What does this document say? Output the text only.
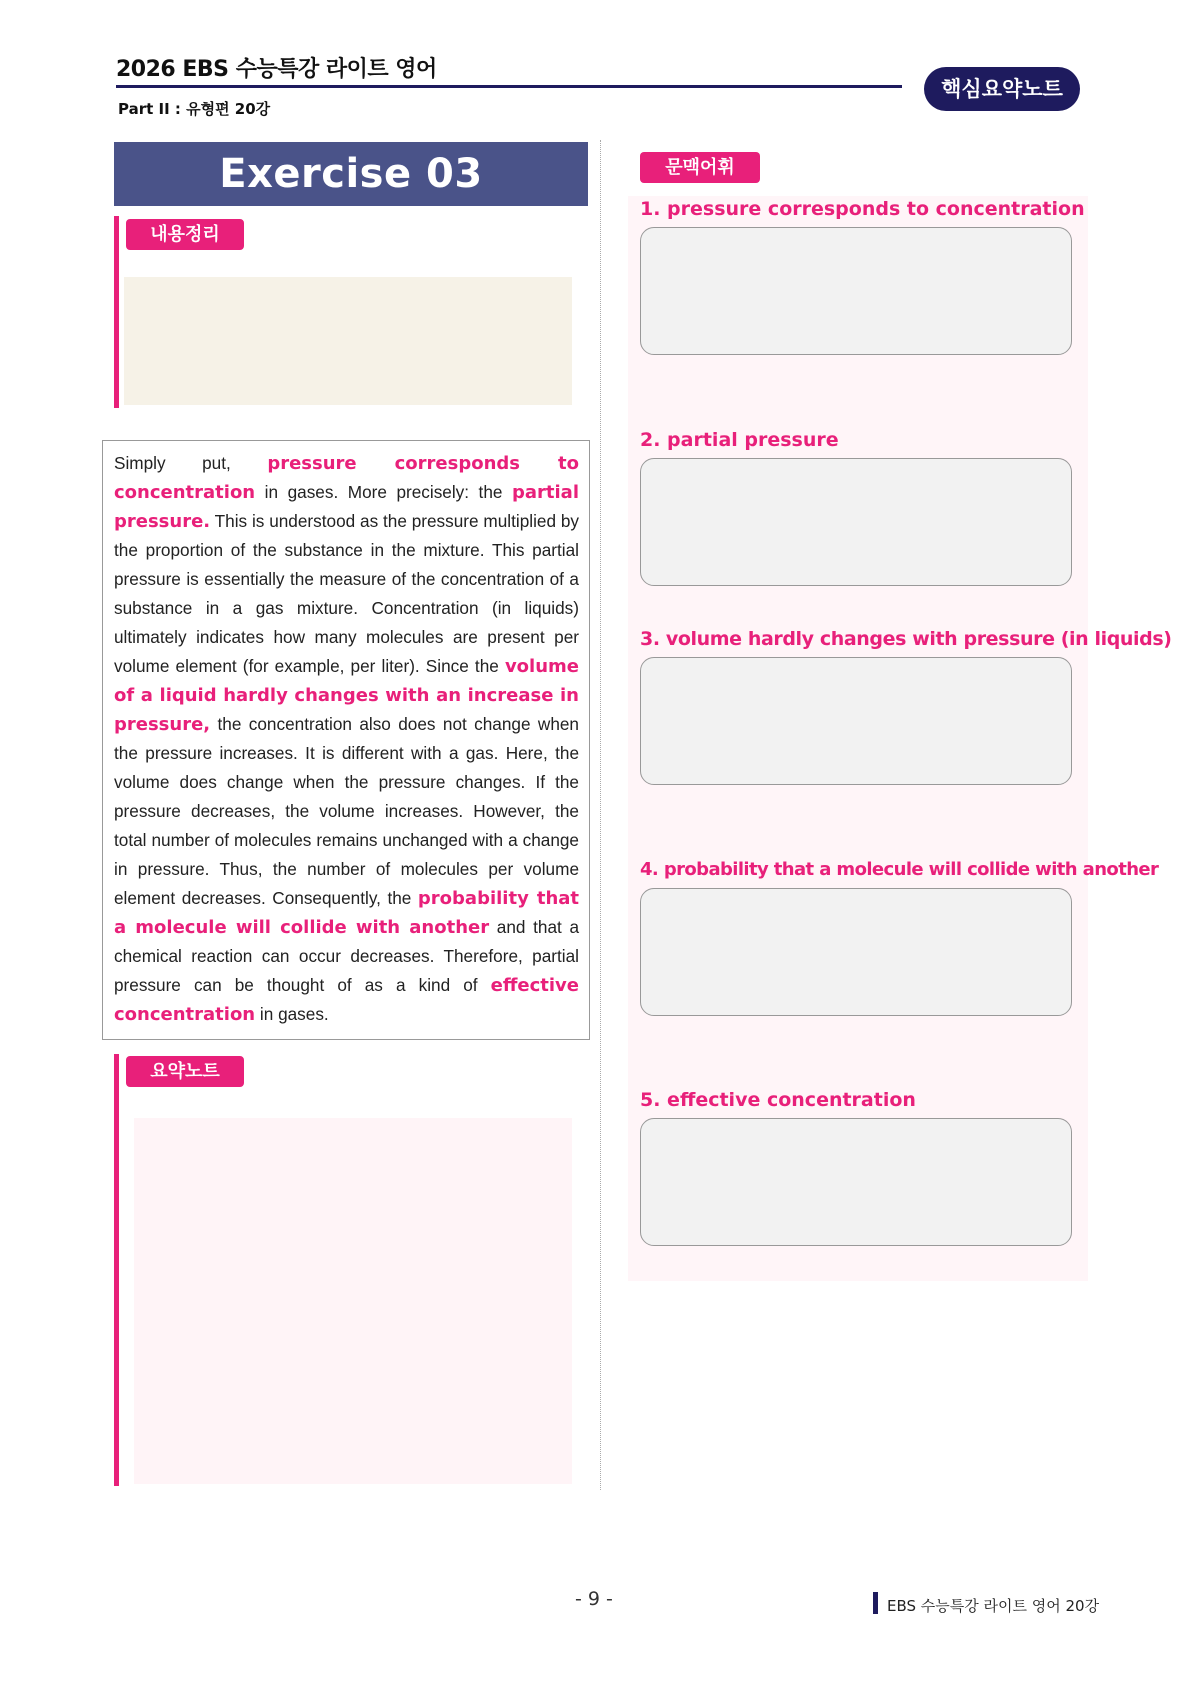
2026 EBS 수능특강 라이트 영어
Part II : 유형편 20강
핵심요약노트
Exercise 03
내용정리
Simply put, pressure corresponds to concentration in gases. More precisely: the partial pressure. This is understood as the pressure multiplied by the proportion of the substance in the mixture. This partial pressure is essentially the measure of the concentration of a substance in a gas mixture. Concentration (in liquids) ultimately indicates how many molecules are present per volume element (for example, per liter). Since the volume of a liquid hardly changes with an increase in pressure, the concentration also does not change when the pressure increases. It is different with a gas. Here, the volume does change when the pressure changes. If the pressure decreases, the volume increases. However, the total number of molecules remains unchanged with a change in pressure. Thus, the number of molecules per volume element decreases. Consequently, the probability that a molecule will collide with another and that a chemical reaction can occur decreases. Therefore, partial pressure can be thought of as a kind of effective concentration in gases.
요약노트
문맥어휘
1. pressure corresponds to concentration
2. partial pressure
3. volume hardly changes with pressure (in liquids)
4. probability that a molecule will collide with another
5. effective concentration
- 9 -	EBS 수능특강 라이트 영어 20강
